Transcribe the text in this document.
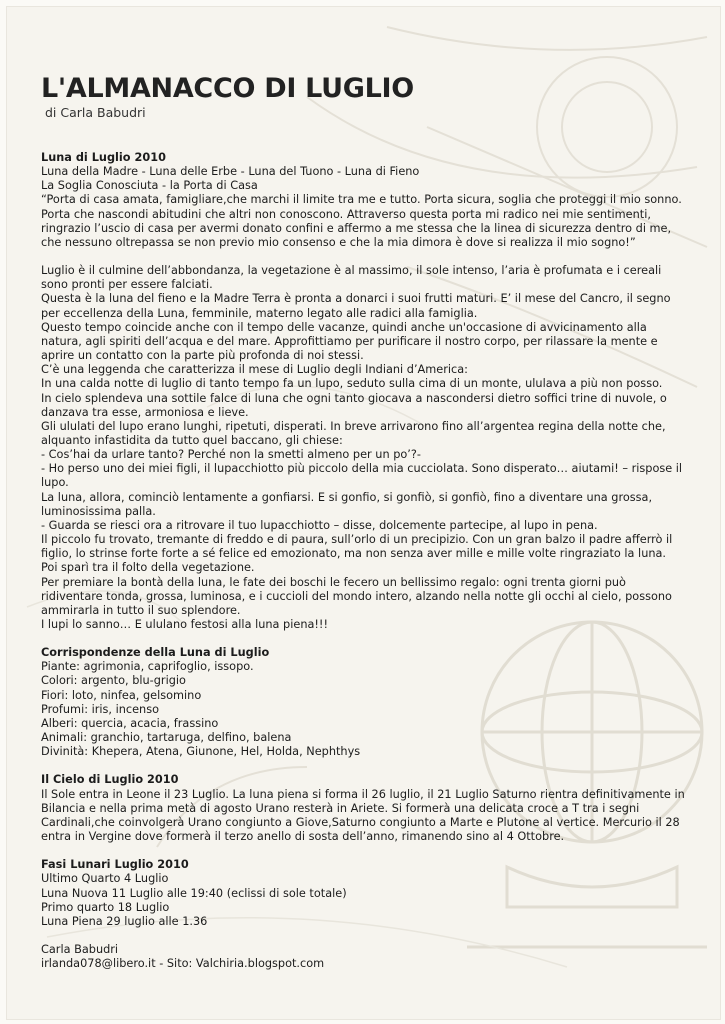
L'ALMANACCO DI LUGLIO
di Carla Babudri

Luna di Luglio 2010

Luna della Madre - Luna delle Erbe - Luna del Tuono - Luna di Fieno

La Soglia Conosciuta - la Porta di Casa

“Porta di casa amata, famigliare,che marchi il limite tra me e tutto. Porta sicura, soglia che proteggi il mio sonno. Porta che nascondi abitudini che altri non conoscono. Attraverso questa porta mi radico nei mie sentimenti, ringrazio l’uscio di casa per avermi donato confini e affermo a me stessa che la linea di sicurezza dentro di me, che nessuno oltrepassa se non previo mio consenso e che la mia dimora è dove si realizza il mio sogno!”

Luglio è il culmine dell’abbondanza, la vegetazione è al massimo, il sole intenso, l’aria è profumata e i cereali sono pronti per essere falciati.

Questa è la luna del fieno e la Madre Terra è pronta a donarci i suoi frutti maturi. E’ il mese del Cancro, il segno per eccellenza della Luna, femminile, materno legato alle radici alla famiglia.

Questo tempo coincide anche con il tempo delle vacanze, quindi anche un'occasione di avvicinamento alla natura, agli spiriti dell’acqua e del mare. Approfittiamo per purificare il nostro corpo, per rilassare la mente e aprire un contatto con la parte più profonda di noi stessi.

C’è una leggenda che caratterizza il mese di Luglio degli Indiani d’America:

In una calda notte di luglio di tanto tempo fa un lupo, seduto sulla cima di un monte, ululava a più non posso.

In cielo splendeva una sottile falce di luna che ogni tanto giocava a nascondersi dietro soffici trine di nuvole, o danzava tra esse, armoniosa e lieve.

Gli ululati del lupo erano lunghi, ripetuti, disperati. In breve arrivarono fino all’argentea regina della notte che, alquanto infastidita da tutto quel baccano, gli chiese:

- Cos’hai da urlare tanto? Perché non la smetti almeno per un po’?-

- Ho perso uno dei miei figli, il lupacchiotto più piccolo della mia cucciolata. Sono disperato… aiutami! – rispose il lupo.

La luna, allora, cominciò lentamente a gonfiarsi. E si gonfio, si gonfiò, si gonfiò, fino a diventare una grossa, luminosissima palla.

- Guarda se riesci ora a ritrovare il tuo lupacchiotto – disse, dolcemente partecipe, al lupo in pena.

Il piccolo fu trovato, tremante di freddo e di paura, sull’orlo di un precipizio. Con un gran balzo il padre afferrò il figlio, lo strinse forte forte a sé felice ed emozionato, ma non senza aver mille e mille volte ringraziato la luna. Poi sparì tra il folto della vegetazione.

Per premiare la bontà della luna, le fate dei boschi le fecero un bellissimo regalo: ogni trenta giorni può ridiventare tonda, grossa, luminosa, e i cuccioli del mondo intero, alzando nella notte gli occhi al cielo, possono ammirarla in tutto il suo splendore.

I lupi lo sanno… E ululano festosi alla luna piena!!!

Corrispondenze della Luna di Luglio

Piante: agrimonia, caprifoglio, issopo.

Colori: argento, blu-grigio

Fiori: loto, ninfea, gelsomino

Profumi: iris, incenso

Alberi: quercia, acacia, frassino

Animali: granchio, tartaruga, delfino, balena

Divinità: Khepera, Atena, Giunone, Hel, Holda, Nephthys

Il Cielo di Luglio 2010

Il Sole entra in Leone il 23 Luglio. La luna piena si forma il 26 luglio, il 21 Luglio Saturno rientra definitivamente in Bilancia e nella prima metà di agosto Urano resterà in Ariete. Si formerà una delicata croce a T tra i segni Cardinali,che coinvolgerà Urano congiunto a Giove,Saturno congiunto a Marte e Plutone al vertice. Mercurio il 28 entra in Vergine dove formerà il terzo anello di sosta dell’anno, rimanendo sino al 4 Ottobre.

Fasi Lunari Luglio 2010

Ultimo Quarto 4 Luglio

Luna Nuova 11 Luglio alle 19:40 (eclissi di sole totale)

Primo quarto 18 Luglio

Luna Piena 29 luglio alle 1.36

Carla Babudri

irlanda078@libero.it - Sito: Valchiria.blogspot.com
